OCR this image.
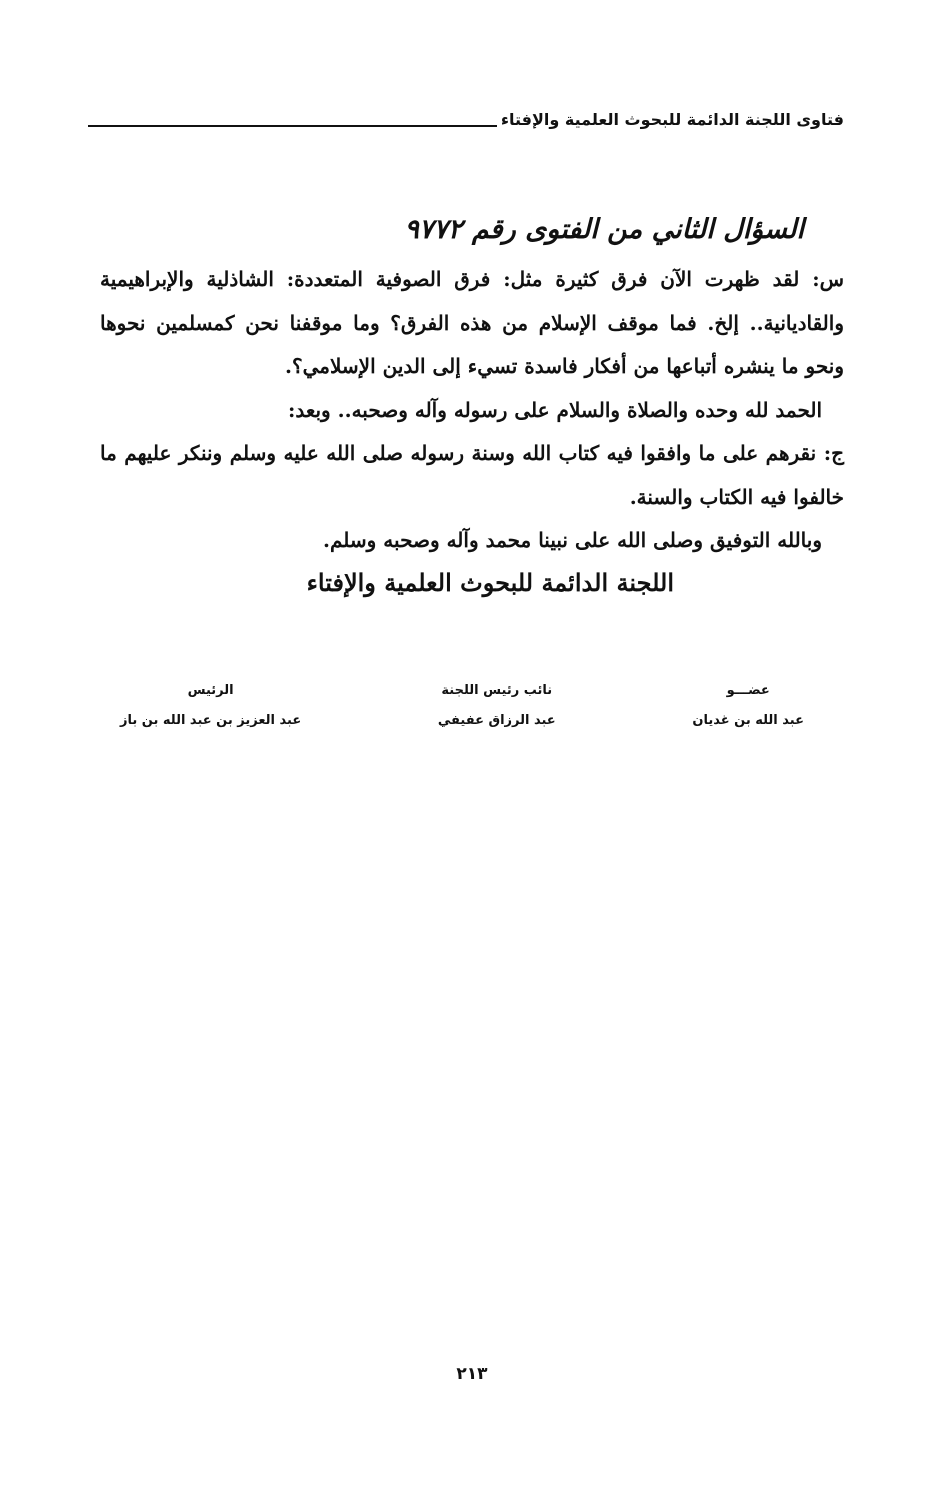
فتاوى اللجنة الدائمة للبحوث العلمية والإفتاء
السؤال الثاني من الفتوى رقم ٩٧٧٢

س: لقد ظهرت الآن فرق كثيرة مثل: فرق الصوفية المتعددة: الشاذلية والإبراهيمية والقاديانية.. إلخ. فما موقف الإسلام من هذه الفرق؟ وما موقفنا نحن كمسلمين نحوها ونحو ما ينشره أتباعها من أفكار فاسدة تسيء إلى الدين الإسلامي؟.

الحمد لله وحده والصلاة والسلام على رسوله وآله وصحبه.. وبعد:

ج: نقرهم على ما وافقوا فيه كتاب الله وسنة رسوله صلى الله عليه وسلم وننكر عليهم ما خالفوا فيه الكتاب والسنة.

وبالله التوفيق وصلى الله على نبينا محمد وآله وصحبه وسلم.

اللجنة الدائمة للبحوث العلمية والإفتاء

عضـــو
عبد الله بن غديان
نائب رئيس اللجنة
عبد الرزاق عفيفي
الرئيس
عبد العزيز بن عبد الله بن باز
٢١٣
